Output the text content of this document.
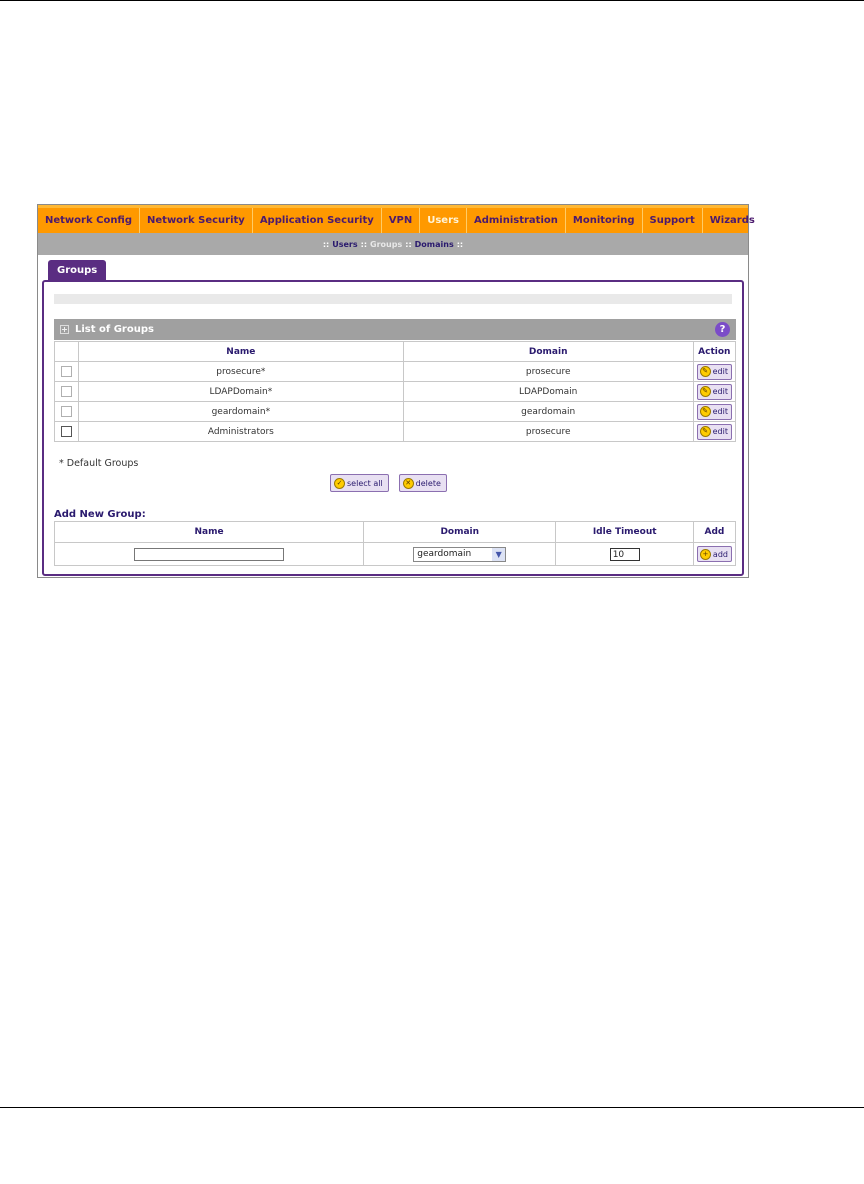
Network Config	Network Security	Application Security	VPN	Users	Administration	Monitoring	Support	Wizards
:: Users :: Groups :: Domains ::
Groups
List of Groups	?
	Name	Domain	Action
	prosecure*	prosecure	✎ edit

	LDAPDomain*	LDAPDomain	✎ edit

	geardomain*	geardomain	✎ edit

	Administrators	prosecure	✎ edit
* Default Groups
✓ select all	✕ delete
Add New Group:
Name	Domain	Idle Timeout	Add

	geardomain ▼	10	+ add
